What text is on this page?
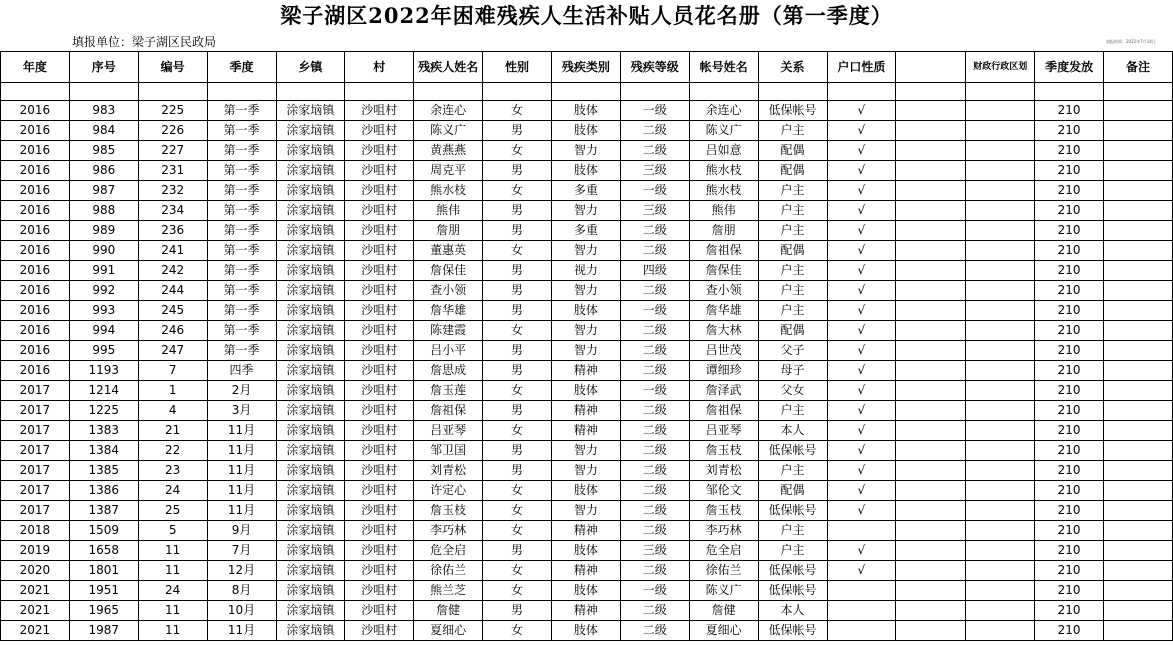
梁子湖区2022年困难残疾人生活补贴人员花名册（第一季度）
填报单位：梁子湖区民政局	填报时间：2022年7月14日
年度	序号	编号	季度	乡镇	村	残疾人姓名	性别	残疾类别	残疾等级	帐号姓名	关系	户口性质		财政行政区划	季度发放	备注

2016	983	225	第一季	涂家垴镇	沙咀村	余连心	女	肢体	一级	余连心	低保帐号	√			210	
2016	984	226	第一季	涂家垴镇	沙咀村	陈义广	男	肢体	二级	陈义广	户主	√			210	
2016	985	227	第一季	涂家垴镇	沙咀村	黄燕燕	女	智力	二级	吕如意	配偶	√			210	
2016	986	231	第一季	涂家垴镇	沙咀村	周克平	男	肢体	三级	熊水枝	配偶	√			210	
2016	987	232	第一季	涂家垴镇	沙咀村	熊水枝	女	多重	一级	熊水枝	户主	√			210	
2016	988	234	第一季	涂家垴镇	沙咀村	熊伟	男	智力	三级	熊伟	户主	√			210	
2016	989	236	第一季	涂家垴镇	沙咀村	詹朋	男	多重	二级	詹朋	户主	√			210	
2016	990	241	第一季	涂家垴镇	沙咀村	董惠英	女	智力	二级	詹祖保	配偶	√			210	
2016	991	242	第一季	涂家垴镇	沙咀村	詹保佳	男	视力	四级	詹保佳	户主	√			210	
2016	992	244	第一季	涂家垴镇	沙咀村	查小领	男	智力	二级	查小领	户主	√			210	
2016	993	245	第一季	涂家垴镇	沙咀村	詹华雄	男	肢体	一级	詹华雄	户主	√			210	
2016	994	246	第一季	涂家垴镇	沙咀村	陈建霞	女	智力	二级	詹大林	配偶	√			210	
2016	995	247	第一季	涂家垴镇	沙咀村	吕小平	男	智力	二级	吕世茂	父子	√			210	
2016	1193	7	四季	涂家垴镇	沙咀村	詹思成	男	精神	二级	谭细珍	母子	√			210	
2017	1214	1	2月	涂家垴镇	沙咀村	詹玉莲	女	肢体	一级	詹泽武	父女	√			210	
2017	1225	4	3月	涂家垴镇	沙咀村	詹祖保	男	精神	二级	詹祖保	户主	√			210	
2017	1383	21	11月	涂家垴镇	沙咀村	吕亚琴	女	精神	二级	吕亚琴	本人	√			210	
2017	1384	22	11月	涂家垴镇	沙咀村	邹卫国	男	智力	二级	詹玉枝	低保帐号	√			210	
2017	1385	23	11月	涂家垴镇	沙咀村	刘青松	男	智力	二级	刘青松	户主	√			210	
2017	1386	24	11月	涂家垴镇	沙咀村	许定心	女	肢体	二级	邹伦文	配偶	√			210	
2017	1387	25	11月	涂家垴镇	沙咀村	詹玉枝	女	智力	二级	詹玉枝	低保帐号	√			210	
2018	1509	5	9月	涂家垴镇	沙咀村	李巧林	女	精神	二级	李巧林	户主				210	
2019	1658	11	7月	涂家垴镇	沙咀村	危全启	男	肢体	三级	危全启	户主	√			210	
2020	1801	11	12月	涂家垴镇	沙咀村	徐佑兰	女	精神	二级	徐佑兰	低保帐号	√			210	
2021	1951	24	8月	涂家垴镇	沙咀村	熊兰芝	女	肢体	一级	陈义广	低保帐号				210	
2021	1965	11	10月	涂家垴镇	沙咀村	詹健	男	精神	二级	詹健	本人				210	
2021	1987	11	11月	涂家垴镇	沙咀村	夏细心	女	肢体	二级	夏细心	低保帐号				210	
